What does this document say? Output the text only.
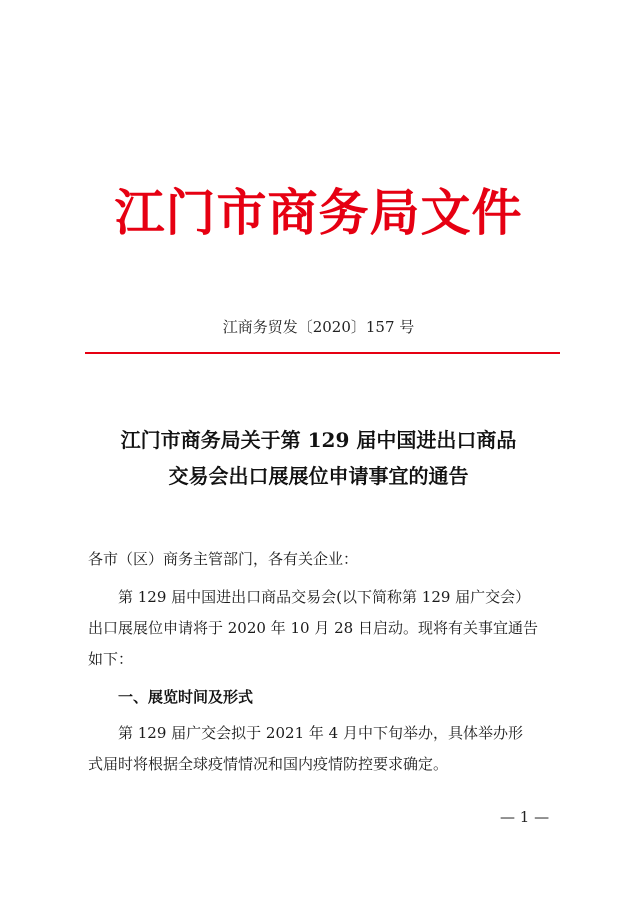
江门市商务局文件
江商务贸发〔2020〕157 号
江门市商务局关于第 129 届中国进出口商品
交易会出口展展位申请事宜的通告
各市（区）商务主管部门，各有关企业：
第 129 届中国进出口商品交易会(以下简称第 129 届广交会）
出口展展位申请将于 2020 年 10 月 28 日启动。现将有关事宜通告
如下：
一、展览时间及形式
第 129 届广交会拟于 2021 年 4 月中下旬举办，具体举办形
式届时将根据全球疫情情况和国内疫情防控要求确定。
— 1 —
